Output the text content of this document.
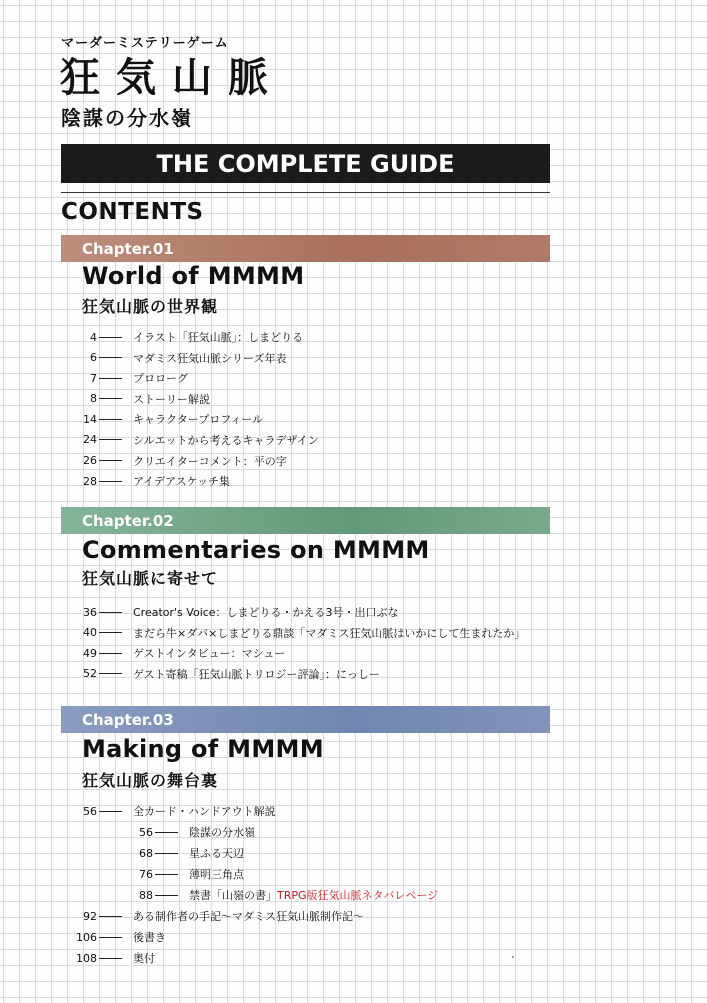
マーダーミステリーゲーム
狂気山脈
陰謀の分水嶺
THE COMPLETE GUIDE
CONTENTS
Chapter.01
World of MMMM
狂気山脈の世界観
4	イラスト「狂気山脈」：しまどりる
6	マダミス狂気山脈シリーズ年表
7	プロローグ
8	ストーリー解説
14	キャラクタープロフィール
24	シルエットから考えるキャラデザイン
26	クリエイターコメント：平の字
28	アイデアスケッチ集
Chapter.02
Commentaries on MMMM
狂気山脈に寄せて
36	Creator's Voice：しまどりる・かえる3号・出口ぶな
40	まだら牛×ダバ×しまどりる鼎談「マダミス狂気山脈はいかにして生まれたか」
49	ゲストインタビュー：マシュー
52	ゲスト寄稿「狂気山脈トリロジー評論」：にっしー
Chapter.03
Making of MMMM
狂気山脈の舞台裏
56	全カード・ハンドアウト解説
56	陰謀の分水嶺
68	星ふる天辺
76	薄明三角点
88	禁書「山嶺の書」 TRPG版狂気山脈ネタバレページ
92	ある制作者の手記〜マダミス狂気山脈制作記〜
106	後書き
108	奥付
